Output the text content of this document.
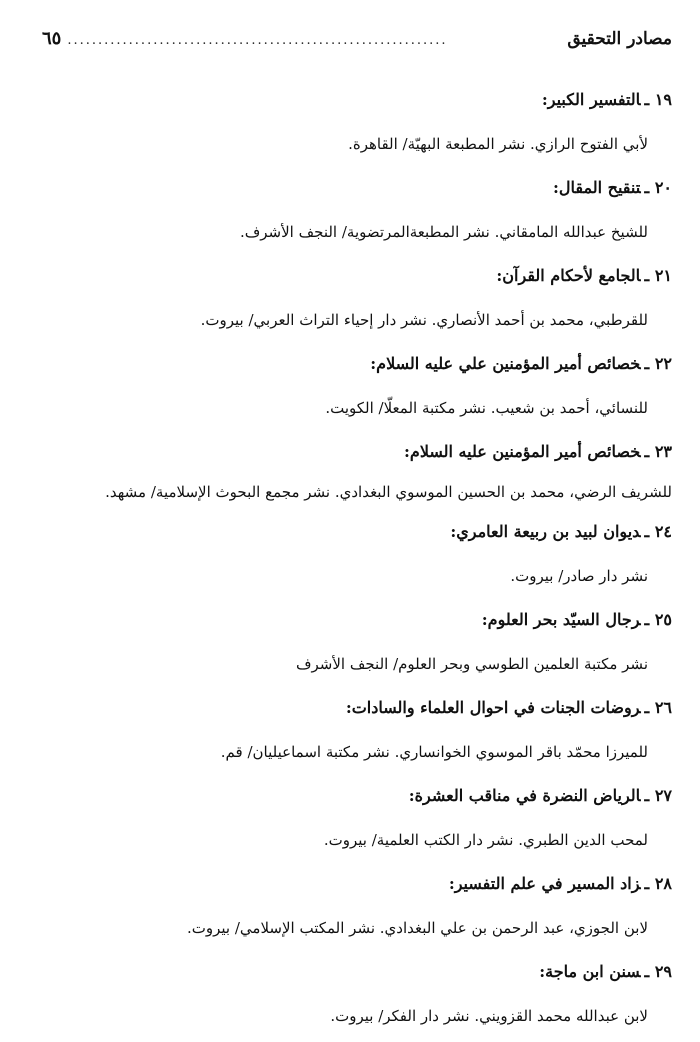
مصادر التحقيق
..............................................................
٦٥
١٩ ـالتفسير الكبير:
لأبي الفتوح الرازي. نشر المطبعة البهيّة/ القاهرة.
٢٠ ـتنقيح المقال:
للشيخ عبدالله المامقاني. نشر المطبعةالمرتضوية/ النجف الأشرف.
٢١ ـالجامع لأحكام القرآن:
للقرطبي، محمد بن أحمد الأنصاري. نشر دار إحياء التراث العربي/ بيروت.
٢٢ ـخصائص أمير المؤمنين علي عليه السلام:
للنسائي، أحمد بن شعيب. نشر مكتبة المعلّا/ الكويت.
٢٣ ـخصائص أمير المؤمنين عليه السلام:
للشريف الرضي، محمد بن الحسين الموسوي البغدادي. نشر مجمع البحوث الإسلامية/ مشهد.
٢٤ ـديوان لبيد بن ربيعة العامري:
نشر دار صادر/ بيروت.
٢٥ ـرجال السيّد بحر العلوم:
نشر مكتبة العلمين الطوسي وبحر العلوم/ النجف الأشرف
٢٦ ـروضات الجنات في احوال العلماء والسادات:
للميرزا محمّد باقر الموسوي الخوانساري. نشر مكتبة اسماعيليان/ قم.
٢٧ ـالرياض النضرة في مناقب العشرة:
لمحب الدين الطبري. نشر دار الكتب العلمية/ بيروت.
٢٨ ـزاد المسير في علم التفسير:
لابن الجوزي، عبد الرحمن بن علي البغدادي. نشر المكتب الإسلامي/ بيروت.
٢٩ ـسنن ابن ماجة:
لابن عبدالله محمد القزويني. نشر دار الفكر/ بيروت.
